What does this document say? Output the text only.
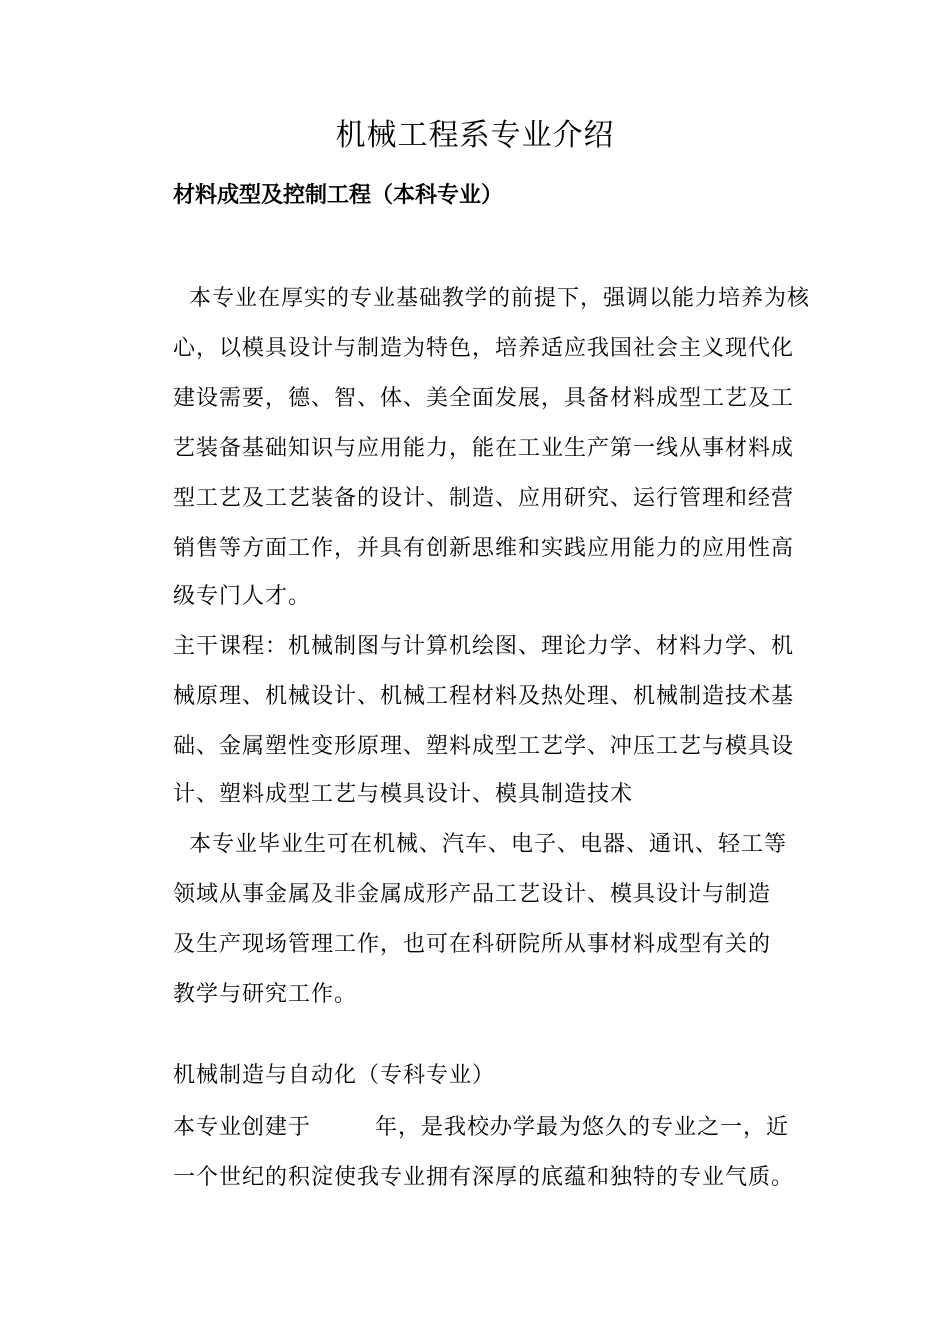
机械工程系专业介绍
材料成型及控制工程（本科专业）
本专业在厚实的专业基础教学的前提下，强调以能力培养为核
心，以模具设计与制造为特色，培养适应我国社会主义现代化
建设需要，德、智、体、美全面发展，具备材料成型工艺及工
艺装备基础知识与应用能力，能在工业生产第一线从事材料成
型工艺及工艺装备的设计、制造、应用研究、运行管理和经营
销售等方面工作，并具有创新思维和实践应用能力的应用性高
级专门人才。
主干课程：机械制图与计算机绘图、理论力学、材料力学、机
械原理、机械设计、机械工程材料及热处理、机械制造技术基
础、金属塑性变形原理、塑料成型工艺学、冲压工艺与模具设
计、塑料成型工艺与模具设计、模具制造技术
本专业毕业生可在机械、汽车、电子、电器、通讯、轻工等
领域从事金属及非金属成形产品工艺设计、模具设计与制造
及生产现场管理工作，也可在科研院所从事材料成型有关的
教学与研究工作。
机械制造与自动化（专科专业）
本专业创建于        年，是我校办学最为悠久的专业之一，近
一个世纪的积淀使我专业拥有深厚的底蕴和独特的专业气质。
